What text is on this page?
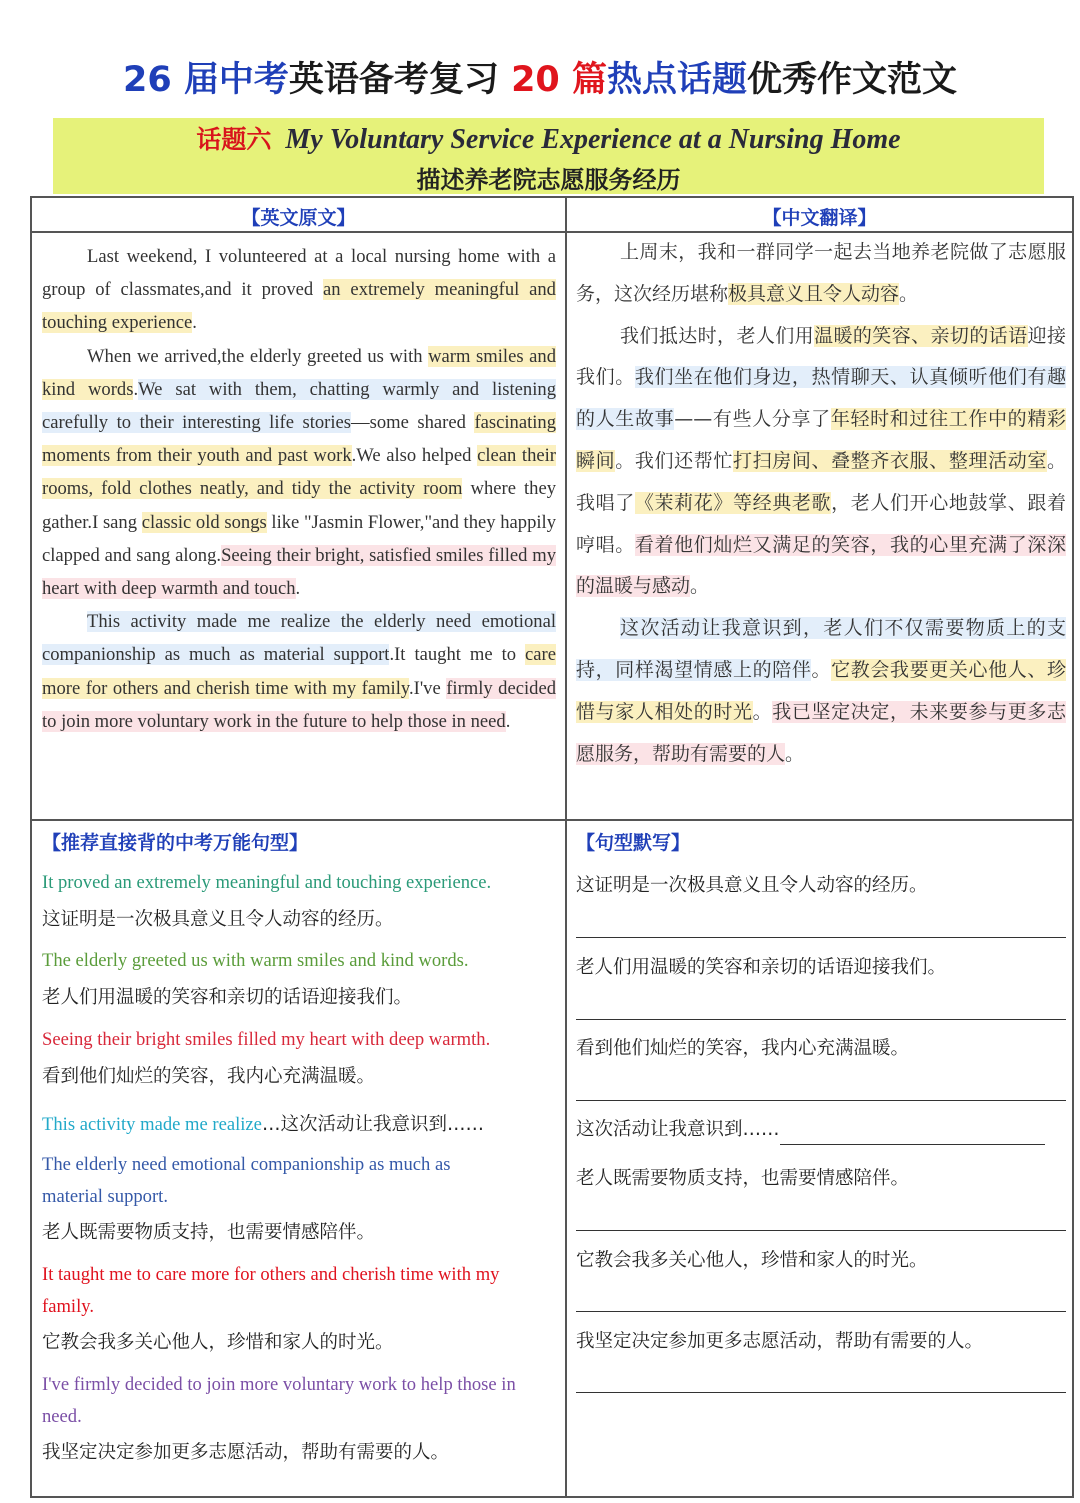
26 届中考英语备考复习 20 篇热点话题优秀作文范文
话题六 My Voluntary Service Experience at a Nursing Home
描述养老院志愿服务经历
【英文原文】	【中文翻译】

Last weekend, I volunteered at a local nursing home with a group of classmates,and it proved an extremely meaningful and touching experience.

When we arrived,the elderly greeted us with warm smiles and kind words.We sat with them, chatting warmly and listening carefully to their interesting life stories—some shared fascinating moments from their youth and past work.We also helped clean their rooms, fold clothes neatly, and tidy the activity room where they gather.I sang classic old songs like "Jasmin Flower,"and they happily clapped and sang along.Seeing their bright, satisfied smiles filled my heart with deep warmth and touch.

This activity made me realize the elderly need emotional companionship as much as material support.It taught me to care more for others and cherish time with my family.I've firmly decided to join more voluntary work in the future to help those in need.

上周末，我和一群同学一起去当地养老院做了志愿服务，这次经历堪称极具意义且令人动容。

我们抵达时，老人们用温暖的笑容、亲切的话语迎接我们。我们坐在他们身边，热情聊天、认真倾听他们有趣的人生故事——有些人分享了年轻时和过往工作中的精彩瞬间。我们还帮忙打扫房间、叠整齐衣服、整理活动室。我唱了《茉莉花》等经典老歌，老人们开心地鼓掌、跟着哼唱。看着他们灿烂又满足的笑容，我的心里充满了深深的温暖与感动。

这次活动让我意识到，老人们不仅需要物质上的支持，同样渴望情感上的陪伴。它教会我要更关心他人、珍惜与家人相处的时光。我已坚定决定，未来要参与更多志愿服务，帮助有需要的人。

【推荐直接背的中考万能句型】
It proved an extremely meaningful and touching experience.
这证明是一次极具意义且令人动容的经历。
The elderly greeted us with warm smiles and kind words.
老人们用温暖的笑容和亲切的话语迎接我们。
Seeing their bright smiles filled my heart with deep warmth.
看到他们灿烂的笑容，我内心充满温暖。
This activity made me realize…这次活动让我意识到……
The elderly need emotional companionship as much as material support.
老人既需要物质支持，也需要情感陪伴。
It taught me to care more for others and cherish time with my family.
它教会我多关心他人，珍惜和家人的时光。
I've firmly decided to join more voluntary work to help those in need.
我坚定决定参加更多志愿活动，帮助有需要的人。
【句型默写】
这证明是一次极具意义且令人动容的经历。
老人们用温暖的笑容和亲切的话语迎接我们。
看到他们灿烂的笑容，我内心充满温暖。
这次活动让我意识到……
老人既需要物质支持，也需要情感陪伴。
它教会我多关心他人，珍惜和家人的时光。
我坚定决定参加更多志愿活动，帮助有需要的人。
